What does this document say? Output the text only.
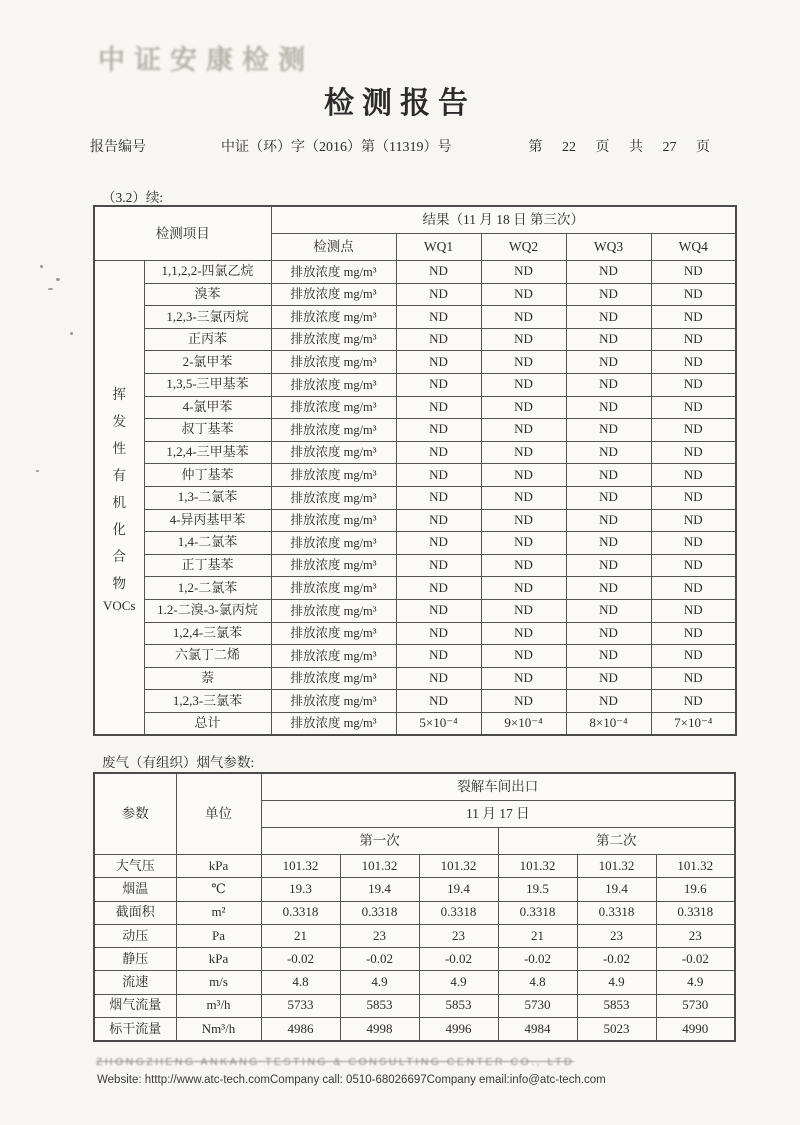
中证安康检测
检测报告
报告编号	中证（环）字（2016）第（11319）号	第 22 页 共 27 页
（3.2）续:
检测项目		结果（11 月 18 日 第三次）				
		检测点	WQ1	WQ2	WQ3	WQ4

挥发性有机化合物
VOCs	1,1,2,2-四氯乙烷	排放浓度 mg/m³	ND	ND	ND	ND
	溴苯	排放浓度 mg/m³	ND	ND	ND	ND
	1,2,3-三氯丙烷	排放浓度 mg/m³	ND	ND	ND	ND
	正丙苯	排放浓度 mg/m³	ND	ND	ND	ND
	2-氯甲苯	排放浓度 mg/m³	ND	ND	ND	ND
	1,3,5-三甲基苯	排放浓度 mg/m³	ND	ND	ND	ND
	4-氯甲苯	排放浓度 mg/m³	ND	ND	ND	ND
	叔丁基苯	排放浓度 mg/m³	ND	ND	ND	ND
	1,2,4-三甲基苯	排放浓度 mg/m³	ND	ND	ND	ND
	仲丁基苯	排放浓度 mg/m³	ND	ND	ND	ND
	1,3-二氯苯	排放浓度 mg/m³	ND	ND	ND	ND
	4-异丙基甲苯	排放浓度 mg/m³	ND	ND	ND	ND
	1,4-二氯苯	排放浓度 mg/m³	ND	ND	ND	ND
	正丁基苯	排放浓度 mg/m³	ND	ND	ND	ND
	1,2-二氯苯	排放浓度 mg/m³	ND	ND	ND	ND
	1.2-二溴-3-氯丙烷	排放浓度 mg/m³	ND	ND	ND	ND
	1,2,4-三氯苯	排放浓度 mg/m³	ND	ND	ND	ND
	六氯丁二烯	排放浓度 mg/m³	ND	ND	ND	ND
	萘	排放浓度 mg/m³	ND	ND	ND	ND
	1,2,3-三氯苯	排放浓度 mg/m³	ND	ND	ND	ND
	总计	排放浓度 mg/m³	5×10⁻⁴	9×10⁻⁴	8×10⁻⁴	7×10⁻⁴
废气（有组织）烟气参数:
参数	单位	裂解车间出口					
		11 月 17 日					
		第一次			第二次		
大气压	kPa	101.32	101.32	101.32	101.32	101.32	101.32
烟温	℃	19.3	19.4	19.4	19.5	19.4	19.6
截面积	m²	0.3318	0.3318	0.3318	0.3318	0.3318	0.3318
动压	Pa	21	23	23	21	23	23
静压	kPa	-0.02	-0.02	-0.02	-0.02	-0.02	-0.02
流速	m/s	4.8	4.9	4.9	4.8	4.9	4.9
烟气流量	m³/h	5733	5853	5853	5730	5853	5730
标干流量	Nm³/h	4986	4998	4996	4984	5023	4990
ZHONGZHENG ANKANG TESTING & CONSULTING CENTER CO., LTD
Website: htttp://www.atc-tech.comCompany call: 0510-68026697Company email:info@atc-tech.com
